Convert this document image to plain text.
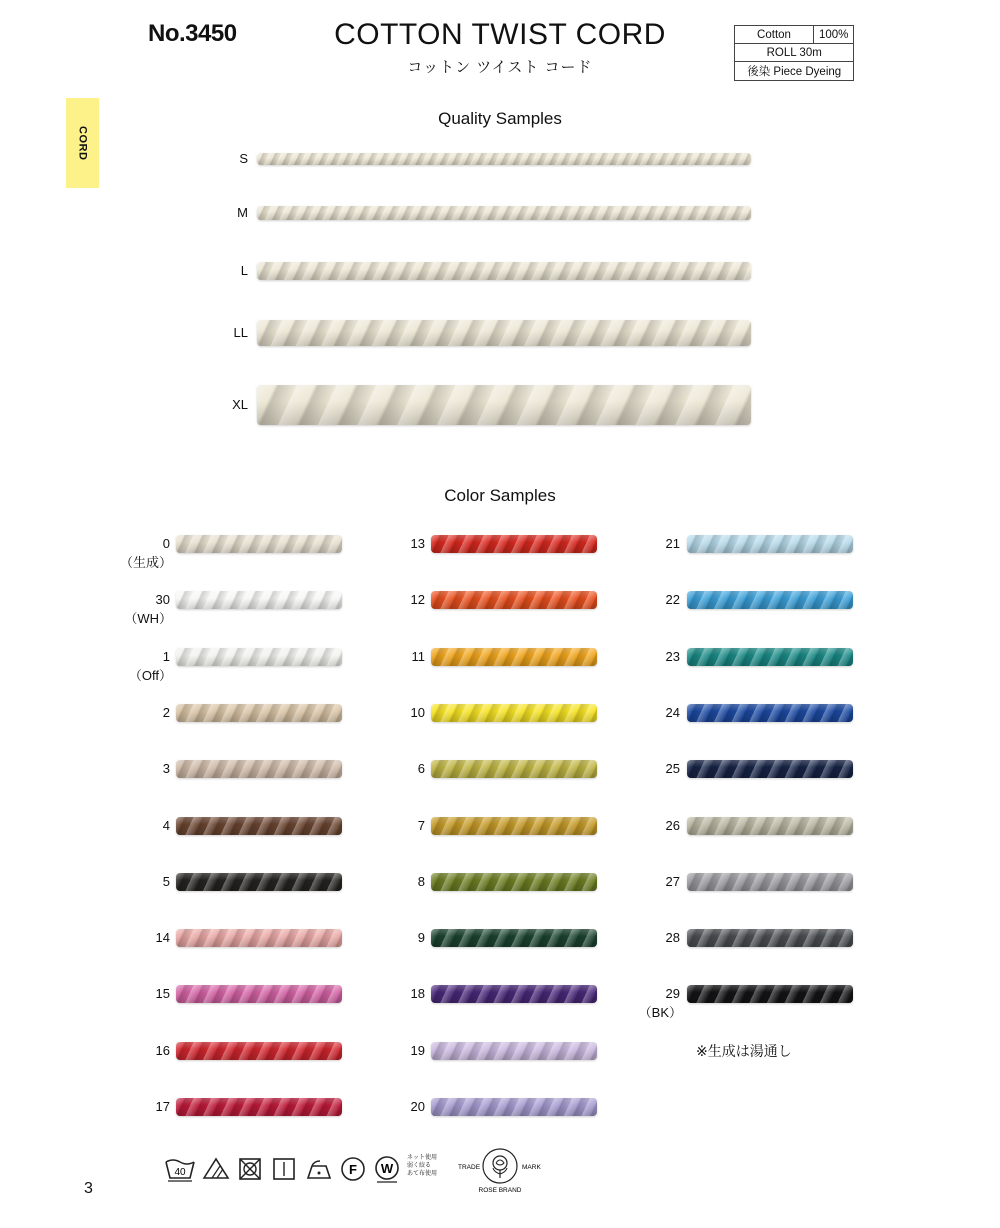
No.3450	COTTON TWIST CORD
コットン ツイスト コード
Cotton	100%
ROLL 30m
後染 Piece Dyeing
CORD
Quality Samples
S
M
L
LL
XL
Color Samples
0
（生成）
30
（WH）
1
（Off）
2
3
4
5
14
15
16
17
13
12
11
10
6
7
8
9
18
19
20
21
22
23
24
25
26
27
28
29
（BK）
※生成は湯通し
3
40	F W
ネット使用
弱く絞る
あて布使用
TRADE	MARK
ROSE BRAND
